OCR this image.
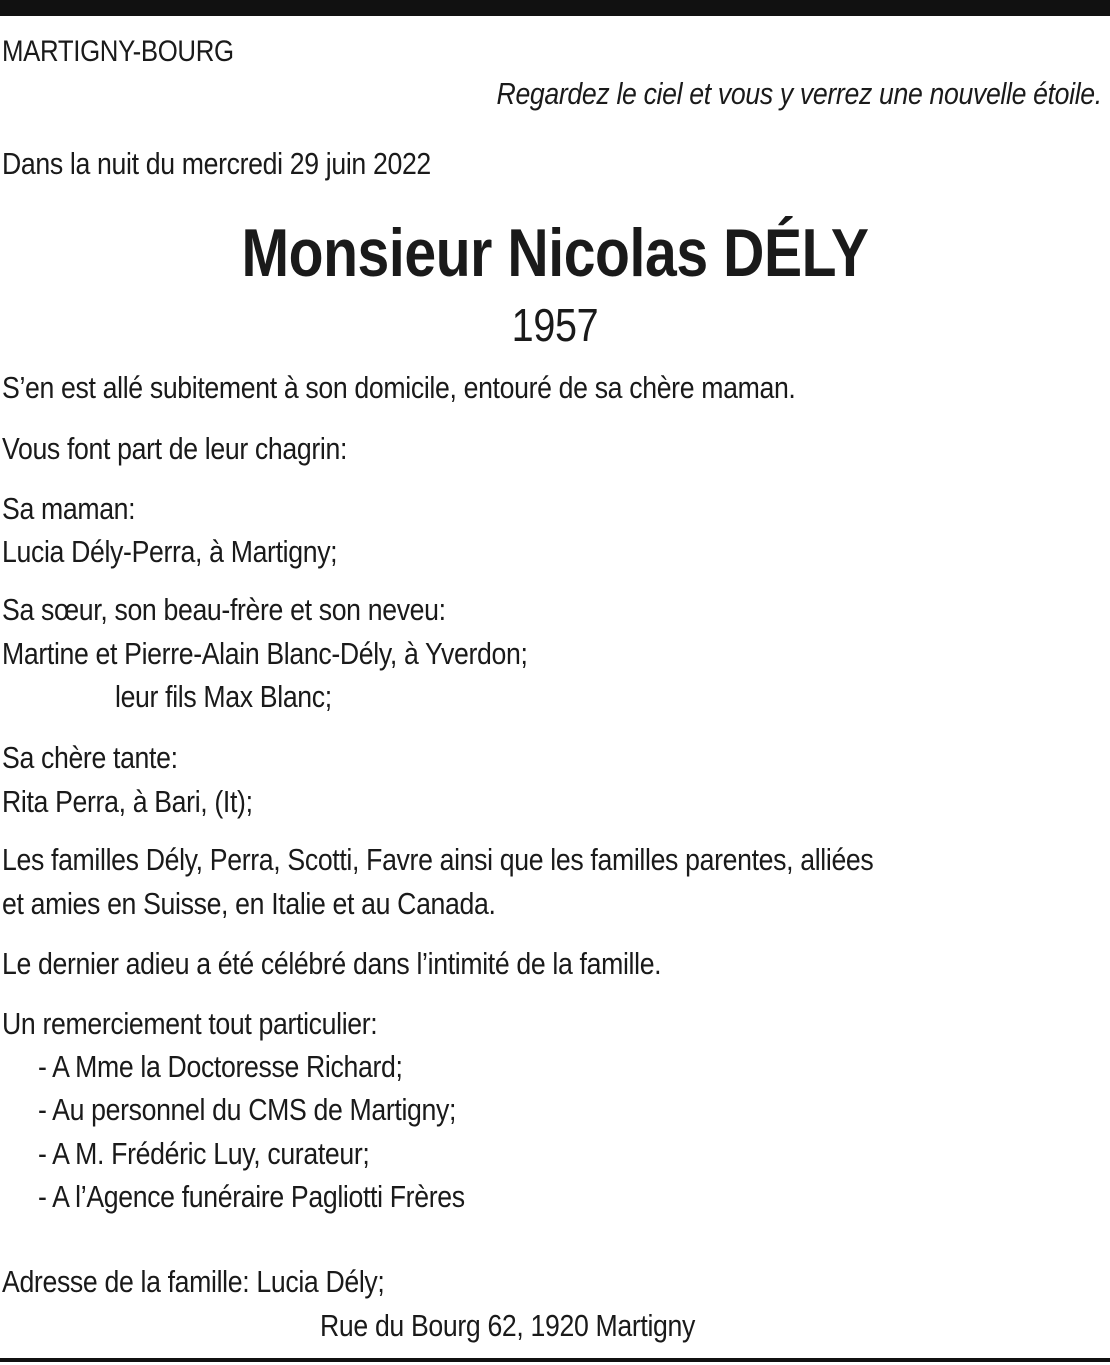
MARTIGNY-BOURG
Regardez le ciel et vous y verrez une nouvelle étoile.
Dans la nuit du mercredi 29 juin 2022
Monsieur Nicolas DÉLY
1957
S’en est allé subitement à son domicile, entouré de sa chère maman.
Vous font part de leur chagrin:
Sa maman:
Lucia Dély-Perra, à Martigny;
Sa sœur, son beau-frère et son neveu:
Martine et Pierre-Alain Blanc-Dély, à Yverdon;
leur fils Max Blanc;
Sa chère tante:
Rita Perra, à Bari, (It);
Les familles Dély, Perra, Scotti, Favre ainsi que les familles parentes, alliées
et amies en Suisse, en Italie et au Canada.
Le dernier adieu a été célébré dans l’intimité de la famille.
Un remerciement tout particulier:
- A Mme la Doctoresse Richard;
- Au personnel du CMS de Martigny;
- A M. Frédéric Luy, curateur;
- A l’Agence funéraire Pagliotti Frères
Adresse de la famille: Lucia Dély;
Rue du Bourg 62, 1920 Martigny
